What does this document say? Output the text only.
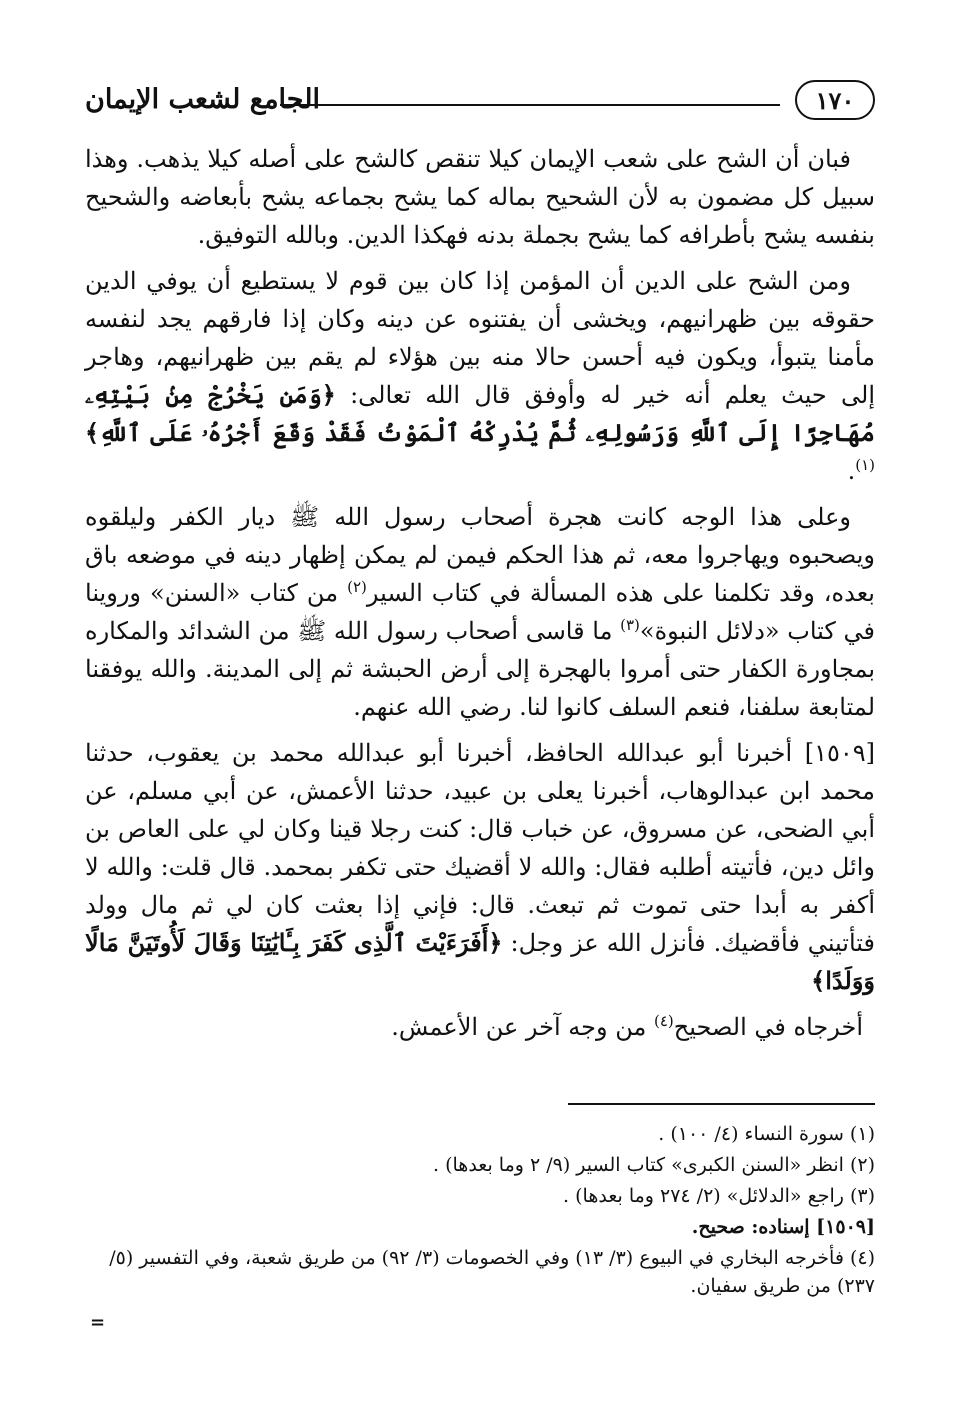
الجامع لشعب الإيمان	١٧٠

فبان أن الشح على شعب الإيمان كيلا تنقص كالشح على أصله كيلا يذهب. وهذا سبيل كل مضمون به لأن الشحيح بماله كما يشح بجماعه يشح بأبعاضه والشحيح بنفسه يشح بأطرافه كما يشح بجملة بدنه فهكذا الدين. وبالله التوفيق.

ومن الشح على الدين أن المؤمن إذا كان بين قوم لا يستطيع أن يوفي الدين حقوقه بين ظهرانيهم، ويخشى أن يفتنوه عن دينه وكان إذا فارقهم يجد لنفسه مأمنا يتبوأ، ويكون فيه أحسن حالا منه بين هؤلاء لم يقم بين ظهرانيهم، وهاجر إلى حيث يعلم أنه خير له وأوفق قال الله تعالى: ﴿وَمَن يَخْرُجْ مِنۢ بَيْتِهِۦ مُهَاجِرًا إِلَى ٱللَّهِ وَرَسُولِهِۦ ثُمَّ يُدْرِكْهُ ٱلْمَوْتُ فَقَدْ وَقَعَ أَجْرُهُۥ عَلَى ٱللَّهِ﴾$^{(١)}$.

وعلى هذا الوجه كانت هجرة أصحاب رسول الله ﷺ ديار الكفر وليلقوه ويصحبوه ويهاجروا معه، ثم هذا الحكم فيمن لم يمكن إظهار دينه في موضعه باق بعده، وقد تكلمنا على هذه المسألة في كتاب السير$^{(٢)}$ من كتاب «السنن» وروينا في كتاب «دلائل النبوة»$^{(٣)}$ ما قاسى أصحاب رسول الله ﷺ من الشدائد والمكاره بمجاورة الكفار حتى أمروا بالهجرة إلى أرض الحبشة ثم إلى المدينة. والله يوفقنا لمتابعة سلفنا، فنعم السلف كانوا لنا. رضي الله عنهم.

[١٥٠٩] أخبرنا أبو عبدالله الحافظ، أخبرنا أبو عبدالله محمد بن يعقوب، حدثنا محمد ابن عبدالوهاب، أخبرنا يعلى بن عبيد، حدثنا الأعمش، عن أبي مسلم، عن أبي الضحى، عن مسروق، عن خباب قال: كنت رجلا قينا وكان لي على العاص بن وائل دين، فأتيته أطلبه فقال: والله لا أقضيك حتى تكفر بمحمد. قال قلت: والله لا أكفر به أبدا حتى تموت ثم تبعث. قال: فإني إذا بعثت كان لي ثم مال وولد فتأتيني فأقضيك. فأنزل الله عز وجل: ﴿أَفَرَءَيْتَ ٱلَّذِى كَفَرَ بِـَٔايَٰتِنَا وَقَالَ لَأُوتَيَنَّ مَالًا وَوَلَدًا﴾

أخرجاه في الصحيح$^{(٤)}$ من وجه آخر عن الأعمش.

(١) سورة النساء (٤/ ١٠٠) .
(٢) انظر «السنن الكبرى» كتاب السير (٩/ ٢ وما بعدها) .
(٣) راجع «الدلائل» (٢/ ٢٧٤ وما بعدها) .
[١٥٠٩] إسناده: صحيح.
(٤) فأخرجه البخاري في البيوع (٣/ ١٣) وفي الخصومات (٣/ ٩٢) من طريق شعبة، وفي التفسير (٥/ ٢٣٧) من طريق سفيان.
=
